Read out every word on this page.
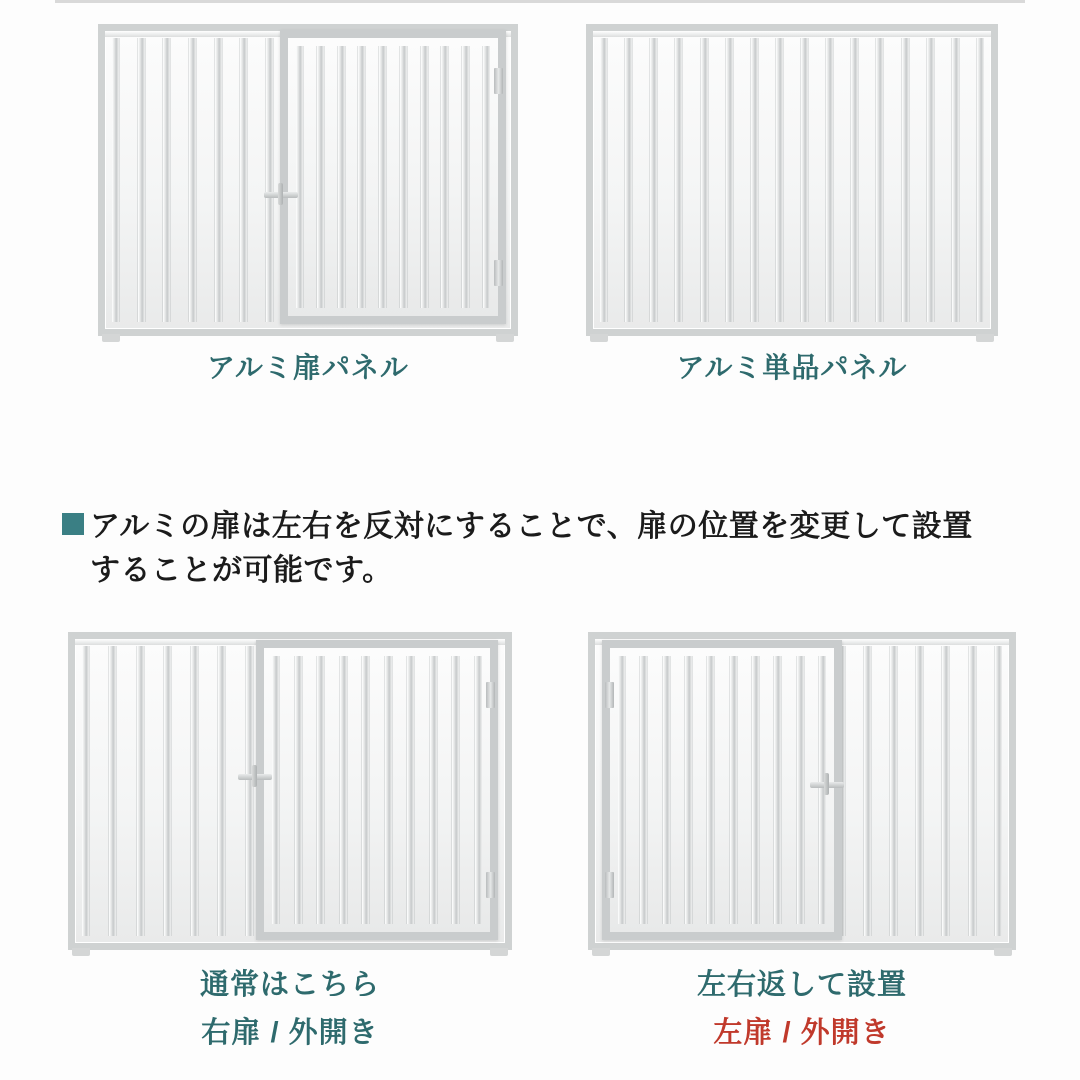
アルミ扉パネル	アルミ単品パネル
アルミの扉は左右を反対にすることで、扉の位置を変更して設置
することが可能です。
通常はこちら
右扉 / 外開き
左右返して設置
左扉 / 外開き
